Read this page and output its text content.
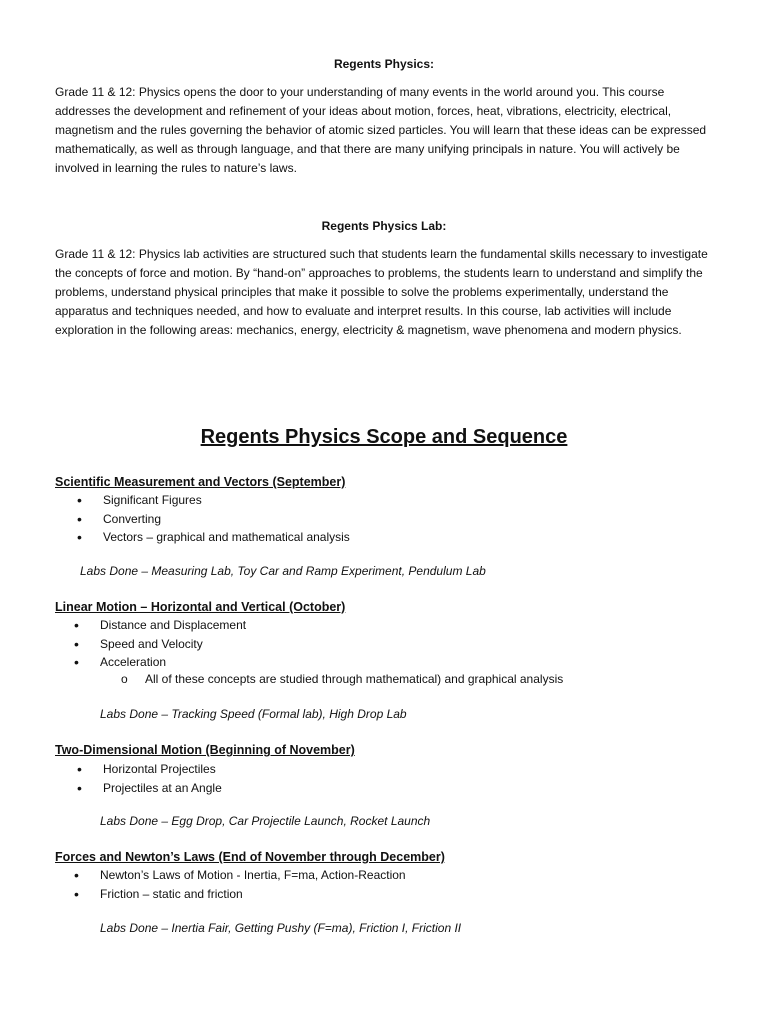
Regents Physics:

Grade 11 & 12: Physics opens the door to your understanding of many events in the world around you. This course addresses the development and refinement of your ideas about motion, forces, heat, vibrations, electricity, electrical, magnetism and the rules governing the behavior of atomic sized particles. You will learn that these ideas can be expressed mathematically, as well as through language, and that there are many unifying principals in nature. You will actively be involved in learning the rules to nature’s laws.

Regents Physics Lab:

Grade 11 & 12: Physics lab activities are structured such that students learn the fundamental skills necessary to investigate the concepts of force and motion. By “hand-on” approaches to problems, the students learn to understand and simplify the problems, understand physical principles that make it possible to solve the problems experimentally, understand the apparatus and techniques needed, and how to evaluate and interpret results. In this course, lab activities will include exploration in the following areas: mechanics, energy, electricity & magnetism, wave phenomena and modern physics.

Regents Physics Scope and Sequence
Scientific Measurement and Vectors (September)
• Significant Figures
• Converting
• Vectors – graphical and mathematical analysis
Labs Done – Measuring Lab, Toy Car and Ramp Experiment, Pendulum Lab
Linear Motion – Horizontal and Vertical (October)
• Distance and Displacement
• Speed and Velocity
• Acceleration
o All of these concepts are studied through mathematical) and graphical analysis
Labs Done – Tracking Speed (Formal lab), High Drop Lab
Two-Dimensional Motion (Beginning of November)
• Horizontal Projectiles
• Projectiles at an Angle
Labs Done – Egg Drop, Car Projectile Launch, Rocket Launch
Forces and Newton’s Laws (End of November through December)
• Newton’s Laws of Motion - Inertia, F=ma, Action-Reaction
• Friction – static and friction
Labs Done – Inertia Fair, Getting Pushy (F=ma), Friction I, Friction II
